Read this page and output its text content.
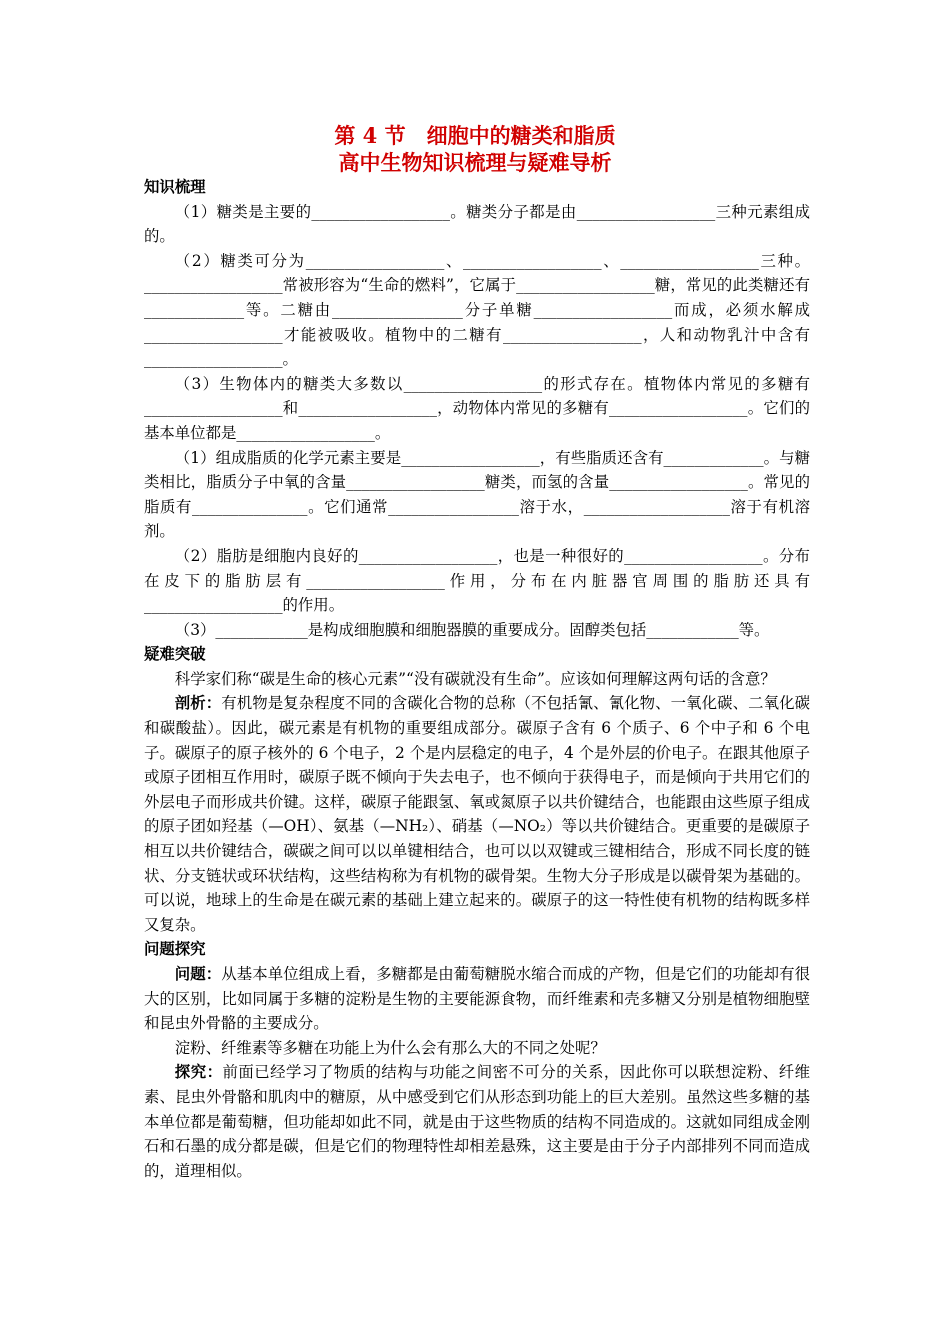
第 4 节　细胞中的糖类和脂质
高中生物知识梳理与疑难导析
知识梳理

（1）糖类是主要的__________________。糖类分子都是由__________________三种元素组成的。

（2）糖类可分为__________________、__________________、__________________三种。__________________常被形容为“生命的燃料”，它属于__________________糖，常见的此类糖还有_____________等。二糖由_________________分子单糖__________________而成，必须水解成__________________才能被吸收。植物中的二糖有__________________，人和动物乳汁中含有__________________。

（3）生物体内的糖类大多数以__________________的形式存在。植物体内常见的多糖有__________________和__________________，动物体内常见的多糖有__________________。它们的基本单位都是__________________。

（1）组成脂质的化学元素主要是__________________，有些脂质还含有_____________。与糖类相比，脂质分子中氧的含量__________________糖类，而氢的含量__________________。常见的脂质有_______________。它们通常_________________溶于水，___________________溶于有机溶剂。

（2）脂肪是细胞内良好的__________________，也是一种很好的__________________。分布在皮下的脂肪层有__________________作用，分布在内脏器官周围的脂肪还具有__________________的作用。

（3）____________是构成细胞膜和细胞器膜的重要成分。固醇类包括____________等。

疑难突破

科学家们称“碳是生命的核心元素”“没有碳就没有生命”。应该如何理解这两句话的含意？

剖析：有机物是复杂程度不同的含碳化合物的总称（不包括氰、氰化物、一氧化碳、二氧化碳和碳酸盐）。因此，碳元素是有机物的重要组成部分。碳原子含有 6 个质子、6 个中子和 6 个电子。碳原子的原子核外的 6 个电子，2 个是内层稳定的电子，4 个是外层的价电子。在跟其他原子或原子团相互作用时，碳原子既不倾向于失去电子，也不倾向于获得电子，而是倾向于共用它们的外层电子而形成共价键。这样，碳原子能跟氢、氧或氮原子以共价键结合，也能跟由这些原子组成的原子团如羟基（—OH）、氨基（—NH₂）、硝基（—NO₂）等以共价键结合。更重要的是碳原子相互以共价键结合，碳碳之间可以以单键相结合，也可以以双键或三键相结合，形成不同长度的链状、分支链状或环状结构，这些结构称为有机物的碳骨架。生物大分子形成是以碳骨架为基础的。可以说，地球上的生命是在碳元素的基础上建立起来的。碳原子的这一特性使有机物的结构既多样又复杂。

问题探究

问题：从基本单位组成上看，多糖都是由葡萄糖脱水缩合而成的产物，但是它们的功能却有很大的区别，比如同属于多糖的淀粉是生物的主要能源食物，而纤维素和壳多糖又分别是植物细胞壁和昆虫外骨骼的主要成分。

淀粉、纤维素等多糖在功能上为什么会有那么大的不同之处呢？

探究：前面已经学习了物质的结构与功能之间密不可分的关系，因此你可以联想淀粉、纤维素、昆虫外骨骼和肌肉中的糖原，从中感受到它们从形态到功能上的巨大差别。虽然这些多糖的基本单位都是葡萄糖，但功能却如此不同，就是由于这些物质的结构不同造成的。这就如同组成金刚石和石墨的成分都是碳，但是它们的物理特性却相差悬殊，这主要是由于分子内部排列不同而造成的，道理相似。
